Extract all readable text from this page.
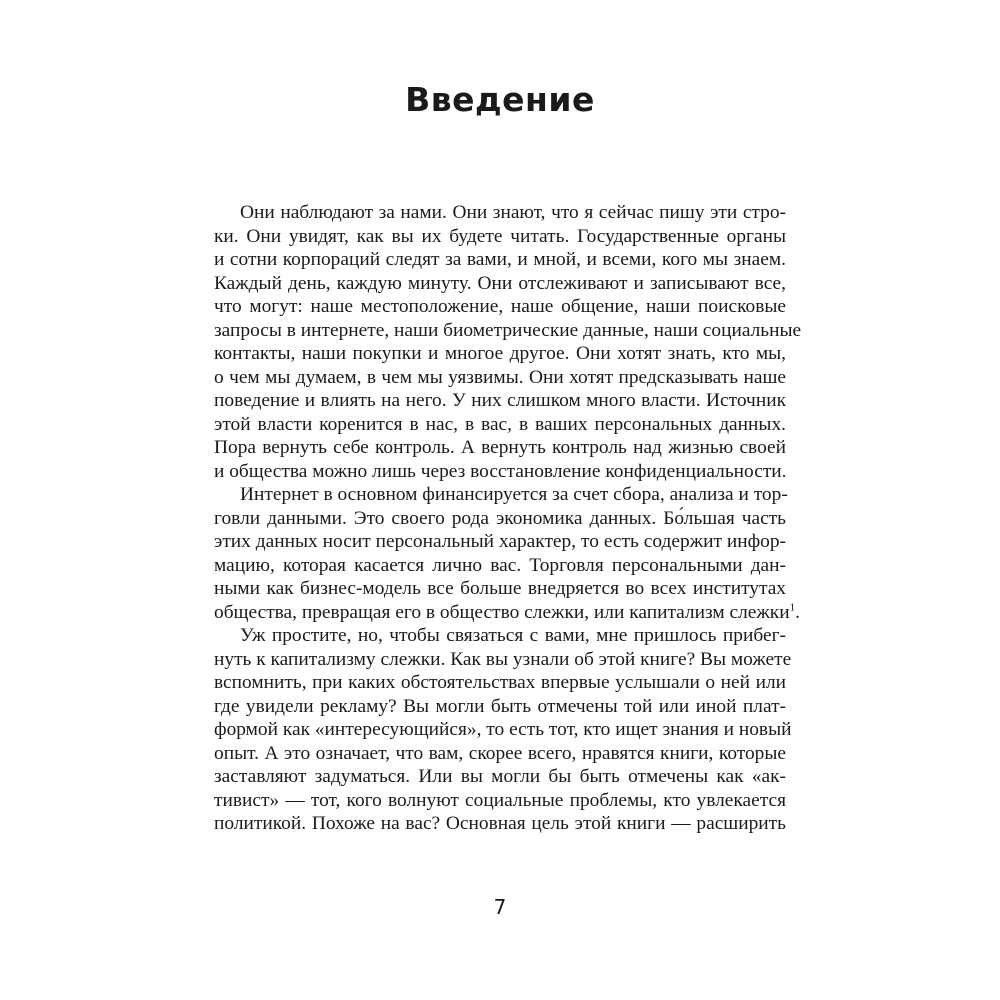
Введение
Они наблюдают за нами. Они знают, что я сейчас пишу эти стро-
ки. Они увидят, как вы их будете читать. Государственные органы
и сотни корпораций следят за вами, и мной, и всеми, кого мы знаем.
Каждый день, каждую минуту. Они отслеживают и записывают все,
что могут: наше местоположение, наше общение, наши поисковые
запросы в интернете, наши биометрические данные, наши социальные
контакты, наши покупки и многое другое. Они хотят знать, кто мы,
о чем мы думаем, в чем мы уязвимы. Они хотят предсказывать наше
поведение и влиять на него. У них слишком много власти. Источник
этой власти коренится в нас, в вас, в ваших персональных данных.
Пора вернуть себе контроль. А вернуть контроль над жизнью своей
и общества можно лишь через восстановление конфиденциальности.
Интернет в основном финансируется за счет сбора, анализа и тор-
говли данными. Это своего рода экономика данных. Бо́льшая часть
этих данных носит персональный характер, то есть содержит инфор-
мацию, которая касается лично вас. Торговля персональными дан-
ными как бизнес-модель все больше внедряется во всех институтах
общества, превращая его в общество слежки, или капитализм слежки$^1$.
Уж простите, но, чтобы связаться с вами, мне пришлось прибег-
нуть к капитализму слежки. Как вы узнали об этой книге? Вы можете
вспомнить, при каких обстоятельствах впервые услышали о ней или
где увидели рекламу? Вы могли быть отмечены той или иной плат-
формой как «интересующийся», то есть тот, кто ищет знания и новый
опыт. А это означает, что вам, скорее всего, нравятся книги, которые
заставляют задуматься. Или вы могли бы быть отмечены как «ак-
тивист» — тот, кого волнуют социальные проблемы, кто увлекается
политикой. Похоже на вас? Основная цель этой книги — расширить
7
